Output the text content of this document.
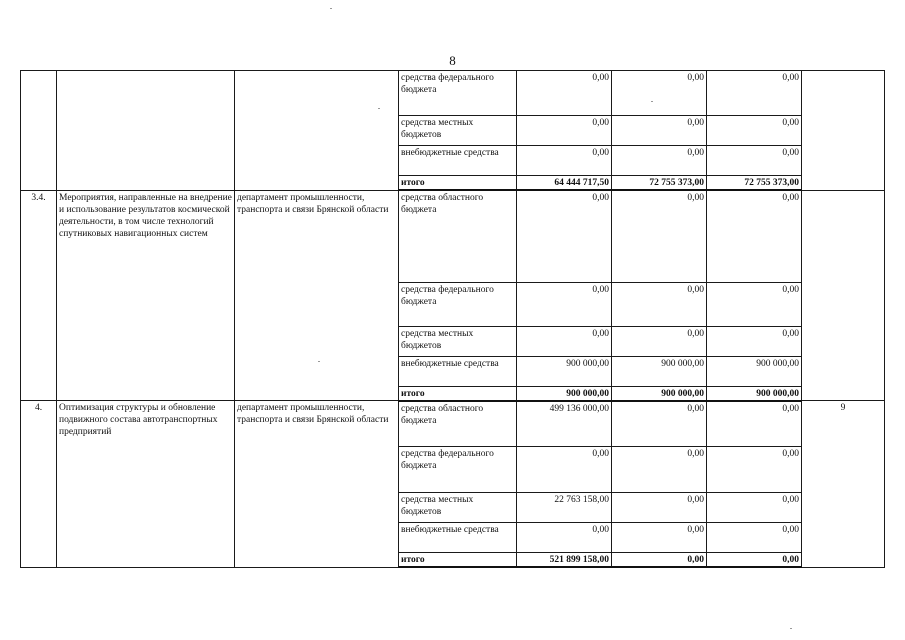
8
			средства федерального бюджета	0,00	0,00	0,00	
			средства местных бюджетов	0,00	0,00	0,00	
			внебюджетные средства	0,00	0,00	0,00	
			итого	64 444 717,50	72 755 373,00	72 755 373,00	
3.4.	Мероприятия, направленные на внедрение и использование результатов космической деятельности, в том числе технологий спутниковых навигационных систем	департамент промышленности, транспорта и связи Брянской области	средства областного бюджета	0,00	0,00	0,00	
			средства федерального бюджета	0,00	0,00	0,00	
			средства местных бюджетов	0,00	0,00	0,00	
			внебюджетные средства	900 000,00	900 000,00	900 000,00	
			итого	900 000,00	900 000,00	900 000,00	
4.	Оптимизация структуры и обновление подвижного состава автотранспортных предприятий	департамент промышленности, транспорта и связи Брянской области	средства областного бюджета	499 136 000,00	0,00	0,00	9
			средства федерального бюджета	0,00	0,00	0,00	
			средства местных бюджетов	22 763 158,00	0,00	0,00	
			внебюджетные средства	0,00	0,00	0,00	
			итого	521 899 158,00	0,00	0,00	
